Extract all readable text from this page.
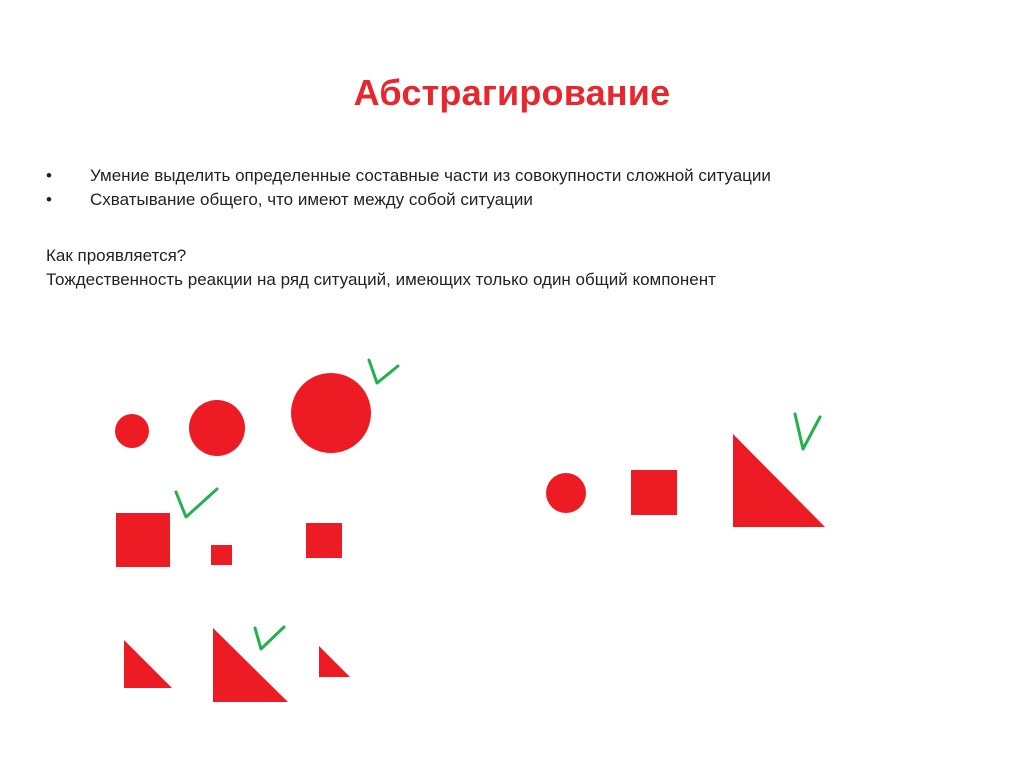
Абстрагирование
• Умение выделить определенные составные части из совокупности сложной ситуации
• Схватывание общего, что имеют между собой ситуации
Как проявляется?
Тождественность реакции на ряд ситуаций, имеющих только один общий компонент
